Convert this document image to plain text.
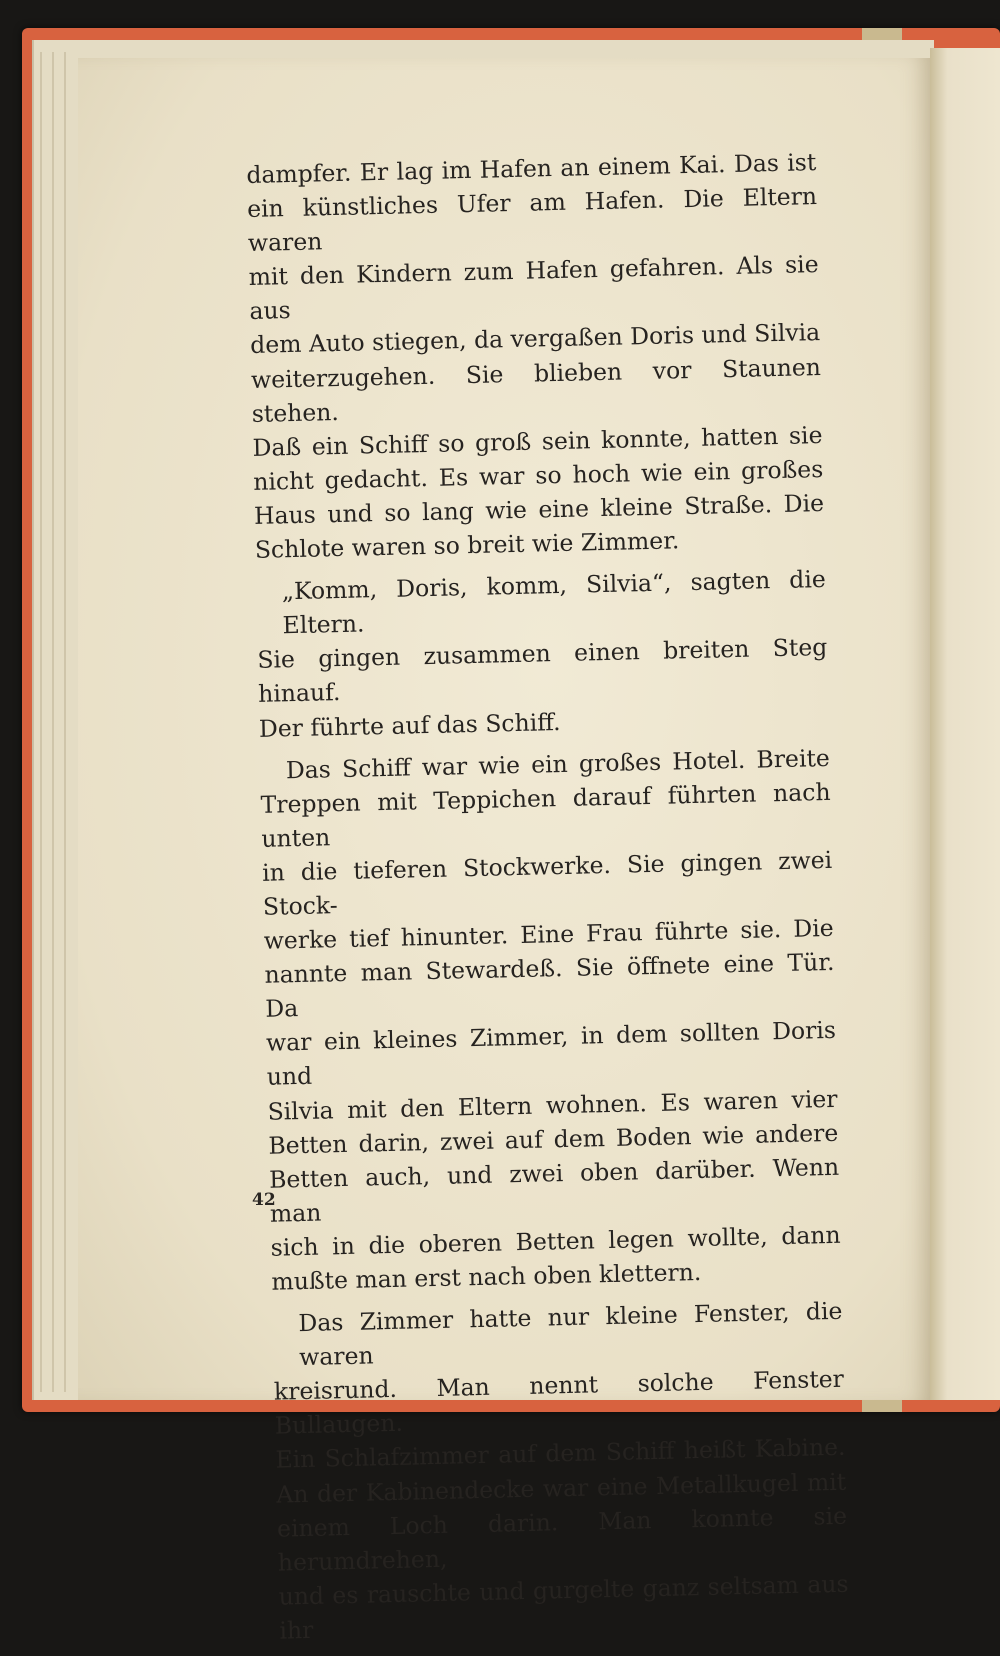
dampfer. Er lag im Hafen an einem Kai. Das ist
ein künstliches Ufer am Hafen. Die Eltern waren
mit den Kindern zum Hafen gefahren. Als sie aus
dem Auto stiegen, da vergaßen Doris und Silvia
weiterzugehen. Sie blieben vor Staunen stehen.
Daß ein Schiff so groß sein konnte, hatten sie
nicht gedacht. Es war so hoch wie ein großes
Haus und so lang wie eine kleine Straße. Die
Schlote waren so breit wie Zimmer.

„Komm, Doris, komm, Silvia“, sagten die Eltern.
Sie gingen zusammen einen breiten Steg hinauf.
Der führte auf das Schiff.

Das Schiff war wie ein großes Hotel. Breite
Treppen mit Teppichen darauf führten nach unten
in die tieferen Stockwerke. Sie gingen zwei Stock-
werke tief hinunter. Eine Frau führte sie. Die
nannte man Stewardeß. Sie öffnete eine Tür. Da
war ein kleines Zimmer, in dem sollten Doris und
Silvia mit den Eltern wohnen. Es waren vier
Betten darin, zwei auf dem Boden wie andere
Betten auch, und zwei oben darüber. Wenn man
sich in die oberen Betten legen wollte, dann
mußte man erst nach oben klettern.

Das Zimmer hatte nur kleine Fenster, die waren
kreisrund. Man nennt solche Fenster Bullaugen.
Ein Schlafzimmer auf dem Schiff heißt Kabine.
An der Kabinendecke war eine Metallkugel mit
einem Loch darin. Man konnte sie herumdrehen,
und es rauschte und gurgelte ganz seltsam aus ihr

42
